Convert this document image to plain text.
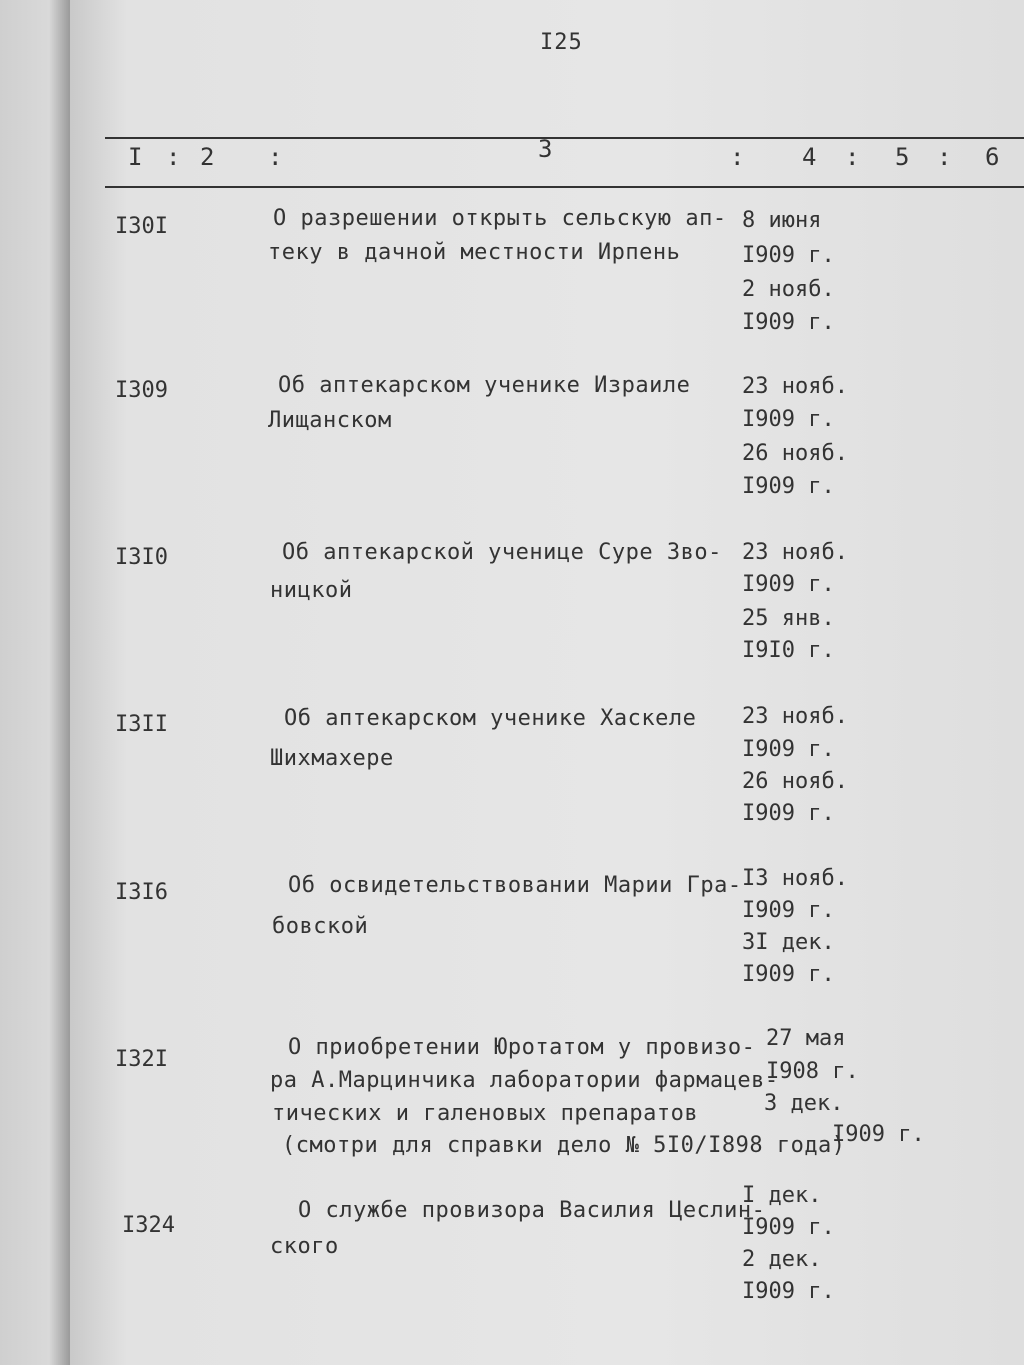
I25
I : 2 :	3	: 4 : 5 : 6
I30I	О разрешении открыть сельскую ап-
теку в дачной местности Ирпень
8 июня
I909 г.
2 нояб.
I909 г.
I309	Об аптекарском ученике Израиле
Лищанском
23 нояб.
I909 г.
26 нояб.
I909 г.
I3I0	Об аптекарской ученице Суре Зво-
ницкой
23 нояб.
I909 г.
25 янв.
I9I0 г.
I3II	Об аптекарском ученике Хаскеле
Шихмахере
23 нояб.
I909 г.
26 нояб.
I909 г.
I3I6	Об освидетельствовании Марии Гра-
бовской
I3 нояб.
I909 г.
3I дек.
I909 г.
I32I	О приобретении Юротатом у провизо-
ра А.Марцинчика лаборатории фармацев-
тических и галеновых препаратов
(смотри для справки дело № 5I0/I898 года)
27 мая
I908 г.
3 дек.
I909 г.
I324
О службе провизора Василия Цеслин-
ского
I дек.
I909 г.
2 дек.
I909 г.
